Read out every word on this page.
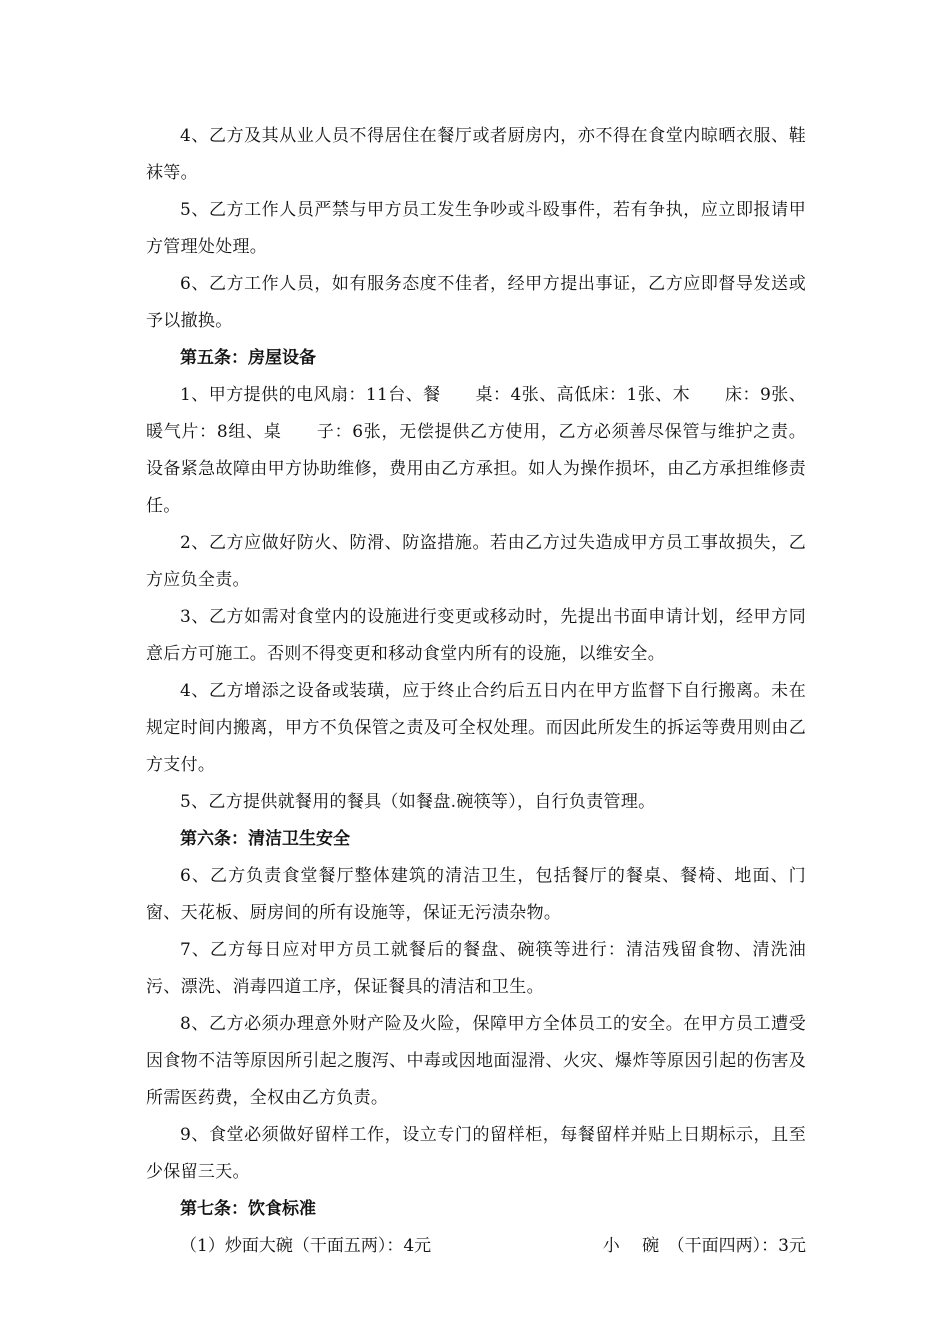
4、乙方及其从业人员不得居住在餐厅或者厨房内，亦不得在食堂内晾晒衣服、鞋袜等。

5、乙方工作人员严禁与甲方员工发生争吵或斗殴事件，若有争执，应立即报请甲方管理处处理。

6、乙方工作人员，如有服务态度不佳者，经甲方提出事证，乙方应即督导发送或予以撤换。

第五条：房屋设备

1、甲方提供的电风扇：11台、餐　　桌：4张、高低床：1张、木　　床：9张、暖气片：8组、桌　　子：6张，无偿提供乙方使用，乙方必须善尽保管与维护之责。设备紧急故障由甲方协助维修，费用由乙方承担。如人为操作损坏，由乙方承担维修责任。

2、乙方应做好防火、防滑、防盗措施。若由乙方过失造成甲方员工事故损失，乙方应负全责。

3、乙方如需对食堂内的设施进行变更或移动时，先提出书面申请计划，经甲方同意后方可施工。否则不得变更和移动食堂内所有的设施，以维安全。

4、乙方增添之设备或装璜，应于终止合约后五日内在甲方监督下自行搬离。未在规定时间内搬离，甲方不负保管之责及可全权处理。而因此所发生的拆运等费用则由乙方支付。

5、乙方提供就餐用的餐具（如餐盘.碗筷等），自行负责管理。

第六条：清洁卫生安全

6、乙方负责食堂餐厅整体建筑的清洁卫生，包括餐厅的餐桌、餐椅、地面、门窗、天花板、厨房间的所有设施等，保证无污渍杂物。

7、乙方每日应对甲方员工就餐后的餐盘、碗筷等进行：清洁残留食物、清洗油污、漂洗、消毒四道工序，保证餐具的清洁和卫生。

8、乙方必须办理意外财产险及火险，保障甲方全体员工的安全。在甲方员工遭受因食物不洁等原因所引起之腹泻、中毒或因地面湿滑、火灾、爆炸等原因引起的伤害及所需医药费，全权由乙方负责。

9、食堂必须做好留样工作，设立专门的留样柜，每餐留样并贴上日期标示，且至少保留三天。

第七条：饮食标准

（1）炒面大碗（干面五两）：4元	小　 碗　（干面四两）：3元
